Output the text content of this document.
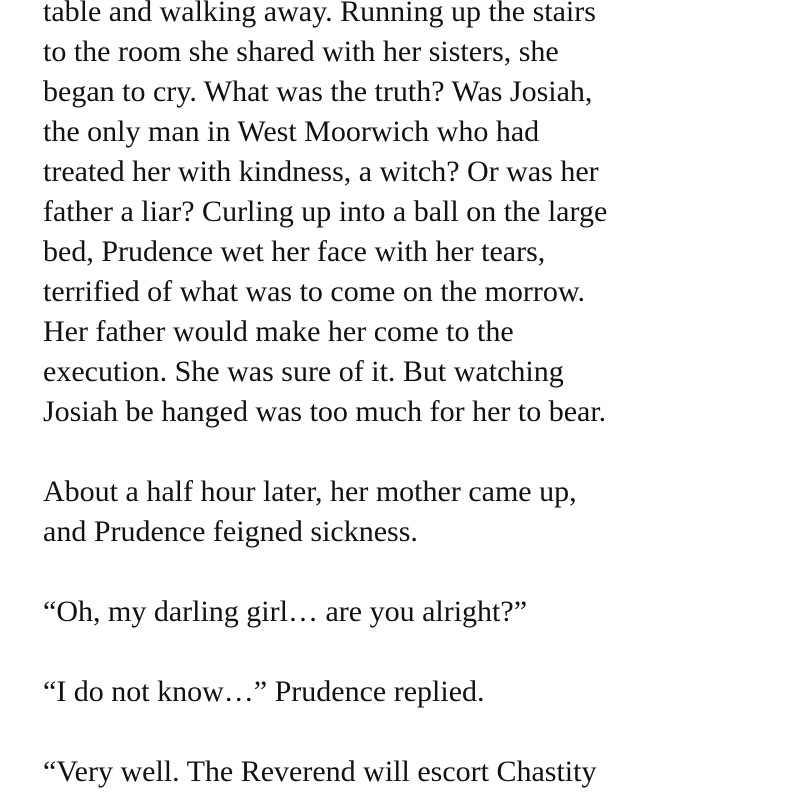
table and walking away. Running up the stairs
to the room she shared with her sisters, she
began to cry. What was the truth? Was Josiah,
the only man in West Moorwich who had
treated her with kindness, a witch? Or was her
father a liar? Curling up into a ball on the large
bed, Prudence wet her face with her tears,
terrified of what was to come on the morrow.
Her father would make her come to the
execution. She was sure of it. But watching
Josiah be hanged was too much for her to bear.
About a half hour later, her mother came up,
and Prudence feigned sickness.
“Oh, my darling girl… are you alright?”
“I do not know…” Prudence replied.
“Very well. The Reverend will escort Chastity
